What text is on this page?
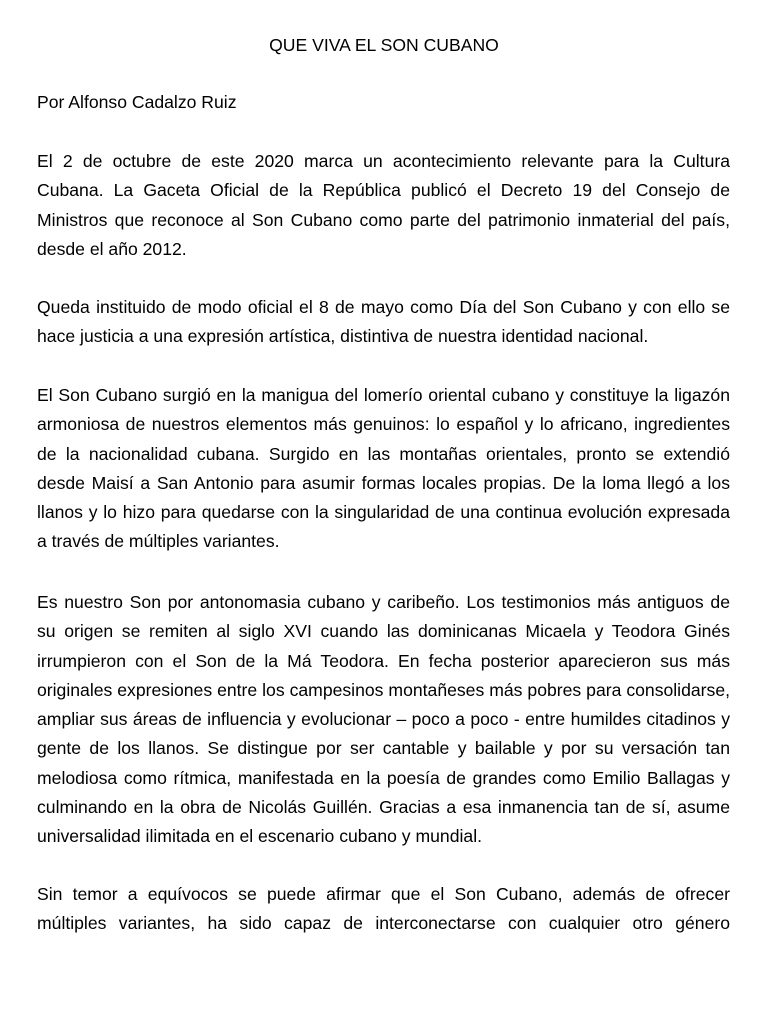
QUE VIVA EL SON CUBANO

Por Alfonso Cadalzo Ruiz

El 2 de octubre de este 2020 marca un acontecimiento relevante para la Cultura Cubana. La Gaceta Oficial de la República publicó el Decreto 19 del Consejo de Ministros que reconoce al Son Cubano como parte del patrimonio inmaterial del país, desde el año 2012.

Queda instituido de modo oficial el 8 de mayo como Día del Son Cubano y con ello se hace justicia a una expresión artística, distintiva de nuestra identidad nacional.

El Son Cubano surgió en la manigua del lomerío oriental cubano y constituye la ligazón armoniosa de nuestros elementos más genuinos: lo español y lo africano, ingredientes de la nacionalidad cubana. Surgido en las montañas orientales, pronto se extendió desde Maisí a San Antonio para asumir formas locales propias. De la loma llegó a los llanos y lo hizo para quedarse con la singularidad de una continua evolución expresada a través de múltiples variantes.

Es nuestro Son por antonomasia cubano y caribeño. Los testimonios más antiguos de su origen se remiten al siglo XVI cuando las dominicanas Micaela y Teodora Ginés irrumpieron con el Son de la Má Teodora. En fecha posterior aparecieron sus más originales expresiones entre los campesinos montañeses más pobres para consolidarse, ampliar sus áreas de influencia y evolucionar – poco a poco - entre humildes citadinos y gente de los llanos. Se distingue por ser cantable y bailable y por su versación tan melodiosa como rítmica, manifestada en la poesía de grandes como Emilio Ballagas y culminando en la obra de Nicolás Guillén. Gracias a esa inmanencia tan de sí, asume universalidad ilimitada en el escenario cubano y mundial.

Sin temor a equívocos se puede afirmar que el Son Cubano, además de ofrecer múltiples variantes, ha sido capaz de interconectarse con cualquier otro género
